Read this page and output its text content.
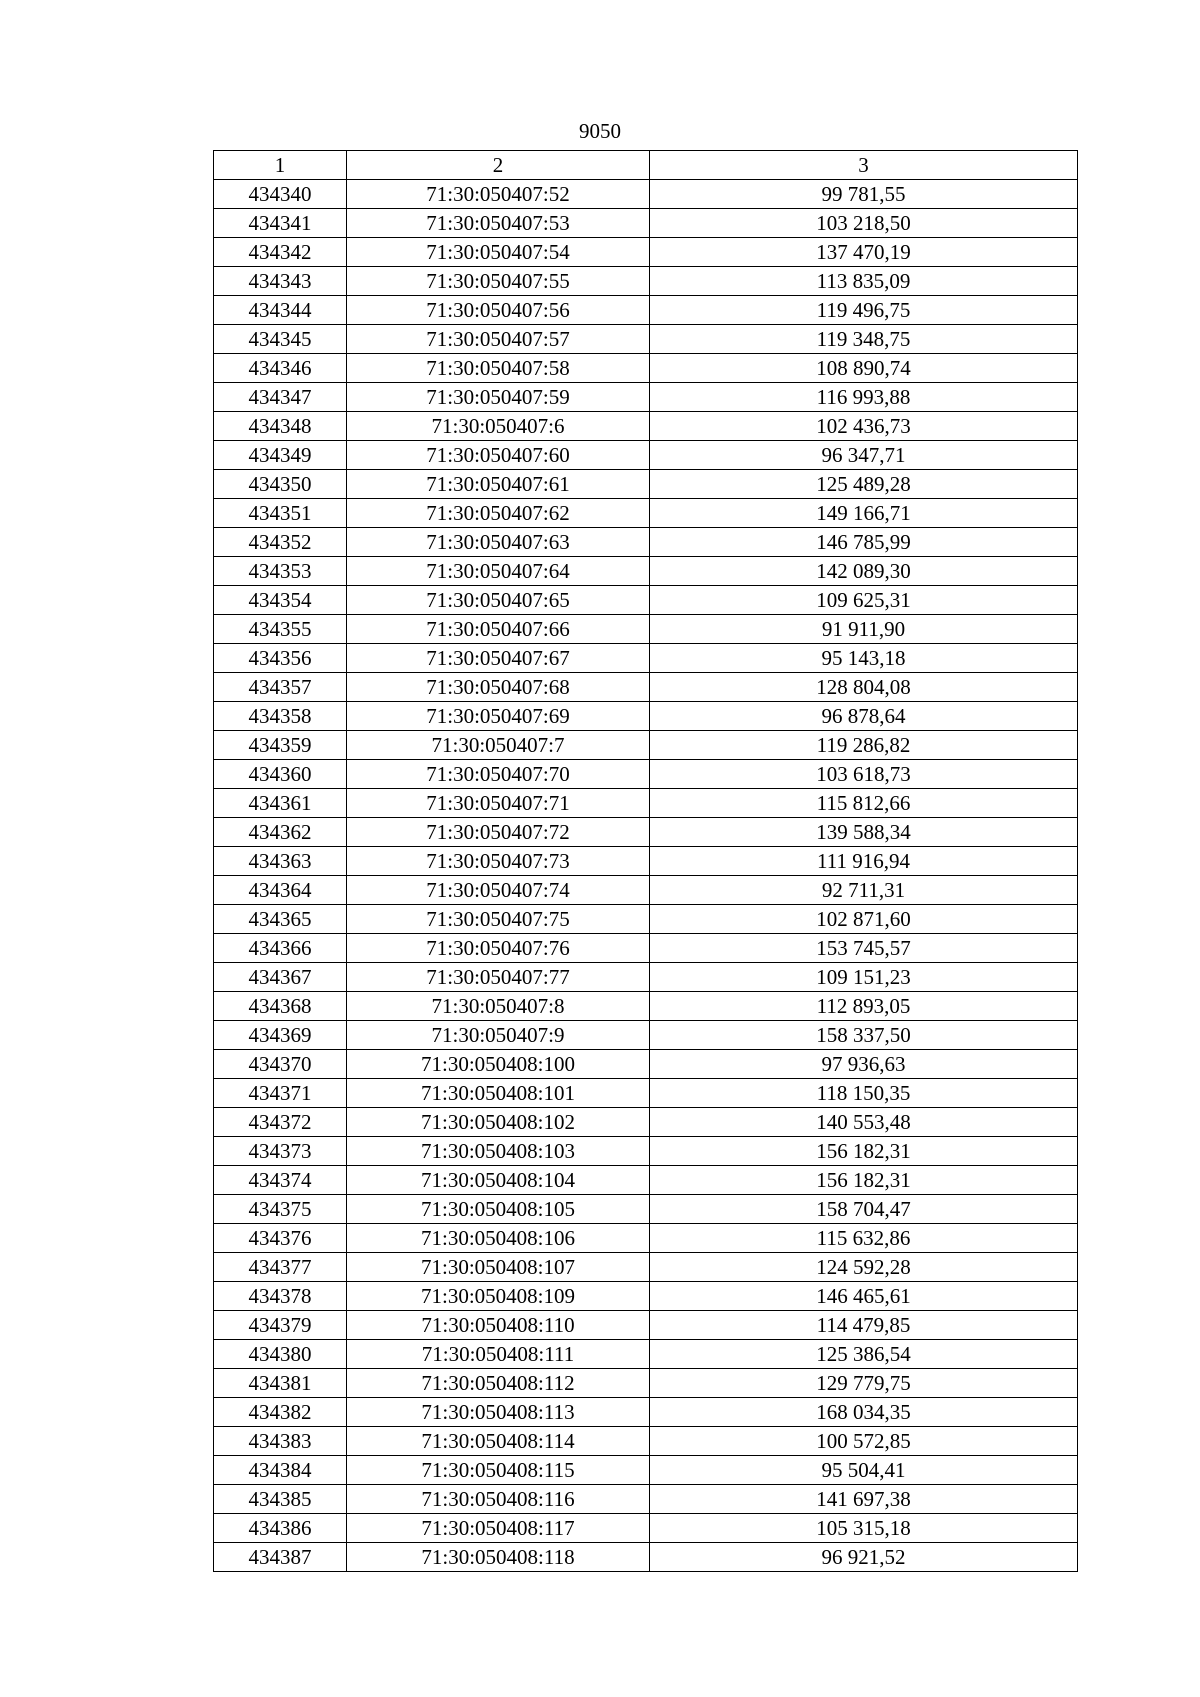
9050
1	2	3
434340	71:30:050407:52	99 781,55
434341	71:30:050407:53	103 218,50
434342	71:30:050407:54	137 470,19
434343	71:30:050407:55	113 835,09
434344	71:30:050407:56	119 496,75
434345	71:30:050407:57	119 348,75
434346	71:30:050407:58	108 890,74
434347	71:30:050407:59	116 993,88
434348	71:30:050407:6	102 436,73
434349	71:30:050407:60	96 347,71
434350	71:30:050407:61	125 489,28
434351	71:30:050407:62	149 166,71
434352	71:30:050407:63	146 785,99
434353	71:30:050407:64	142 089,30
434354	71:30:050407:65	109 625,31
434355	71:30:050407:66	91 911,90
434356	71:30:050407:67	95 143,18
434357	71:30:050407:68	128 804,08
434358	71:30:050407:69	96 878,64
434359	71:30:050407:7	119 286,82
434360	71:30:050407:70	103 618,73
434361	71:30:050407:71	115 812,66
434362	71:30:050407:72	139 588,34
434363	71:30:050407:73	111 916,94
434364	71:30:050407:74	92 711,31
434365	71:30:050407:75	102 871,60
434366	71:30:050407:76	153 745,57
434367	71:30:050407:77	109 151,23
434368	71:30:050407:8	112 893,05
434369	71:30:050407:9	158 337,50
434370	71:30:050408:100	97 936,63
434371	71:30:050408:101	118 150,35
434372	71:30:050408:102	140 553,48
434373	71:30:050408:103	156 182,31
434374	71:30:050408:104	156 182,31
434375	71:30:050408:105	158 704,47
434376	71:30:050408:106	115 632,86
434377	71:30:050408:107	124 592,28
434378	71:30:050408:109	146 465,61
434379	71:30:050408:110	114 479,85
434380	71:30:050408:111	125 386,54
434381	71:30:050408:112	129 779,75
434382	71:30:050408:113	168 034,35
434383	71:30:050408:114	100 572,85
434384	71:30:050408:115	95 504,41
434385	71:30:050408:116	141 697,38
434386	71:30:050408:117	105 315,18
434387	71:30:050408:118	96 921,52
